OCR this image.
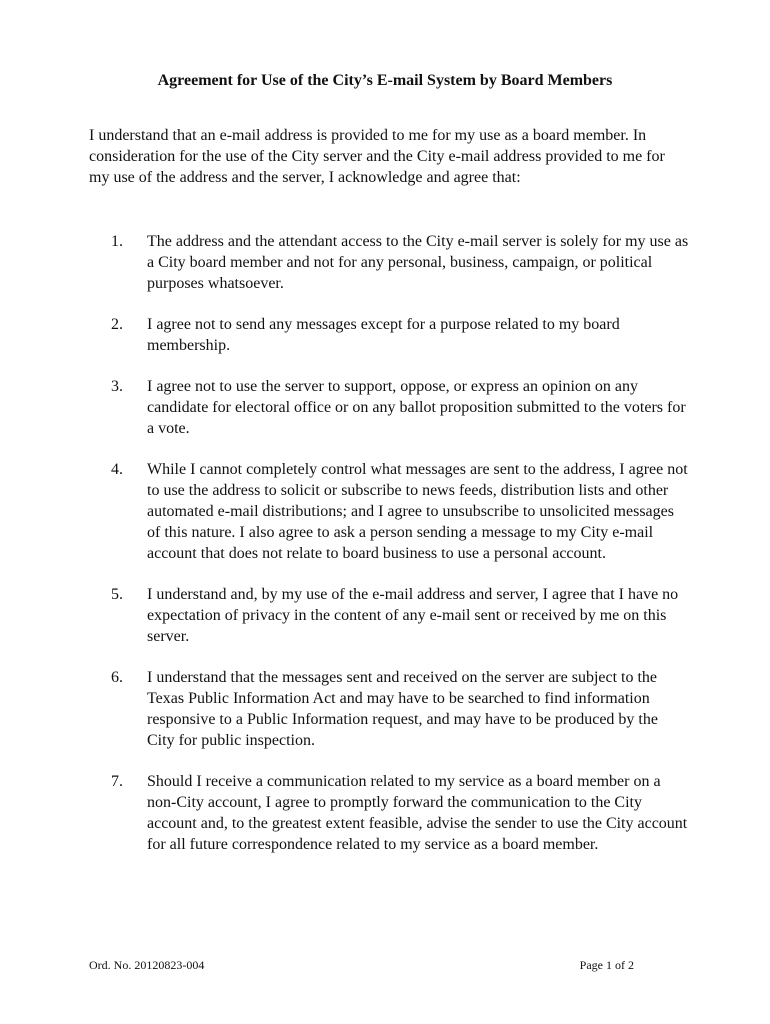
Agreement for Use of the City’s E-mail System by Board Members
I understand that an e-mail address is provided to me for my use as a board member. In consideration for the use of the City server and the City e-mail address provided to me for my use of the address and the server, I acknowledge and agree that:
1. The address and the attendant access to the City e-mail server is solely for my use as a City board member and not for any personal, business, campaign, or political purposes whatsoever.
2. I agree not to send any messages except for a purpose related to my board membership.
3. I agree not to use the server to support, oppose, or express an opinion on any candidate for electoral office or on any ballot proposition submitted to the voters for a vote.
4. While I cannot completely control what messages are sent to the address, I agree not to use the address to solicit or subscribe to news feeds, distribution lists and other automated e-mail distributions; and I agree to unsubscribe to unsolicited messages of this nature. I also agree to ask a person sending a message to my City e-mail account that does not relate to board business to use a personal account.
5. I understand and, by my use of the e-mail address and server, I agree that I have no expectation of privacy in the content of any e-mail sent or received by me on this server.
6. I understand that the messages sent and received on the server are subject to the Texas Public Information Act and may have to be searched to find information responsive to a Public Information request, and may have to be produced by the City for public inspection.
7. Should I receive a communication related to my service as a board member on a non-City account, I agree to promptly forward the communication to the City account and, to the greatest extent feasible, advise the sender to use the City account for all future correspondence related to my service as a board member.
Ord. No. 20120823-004	Page 1 of 2
